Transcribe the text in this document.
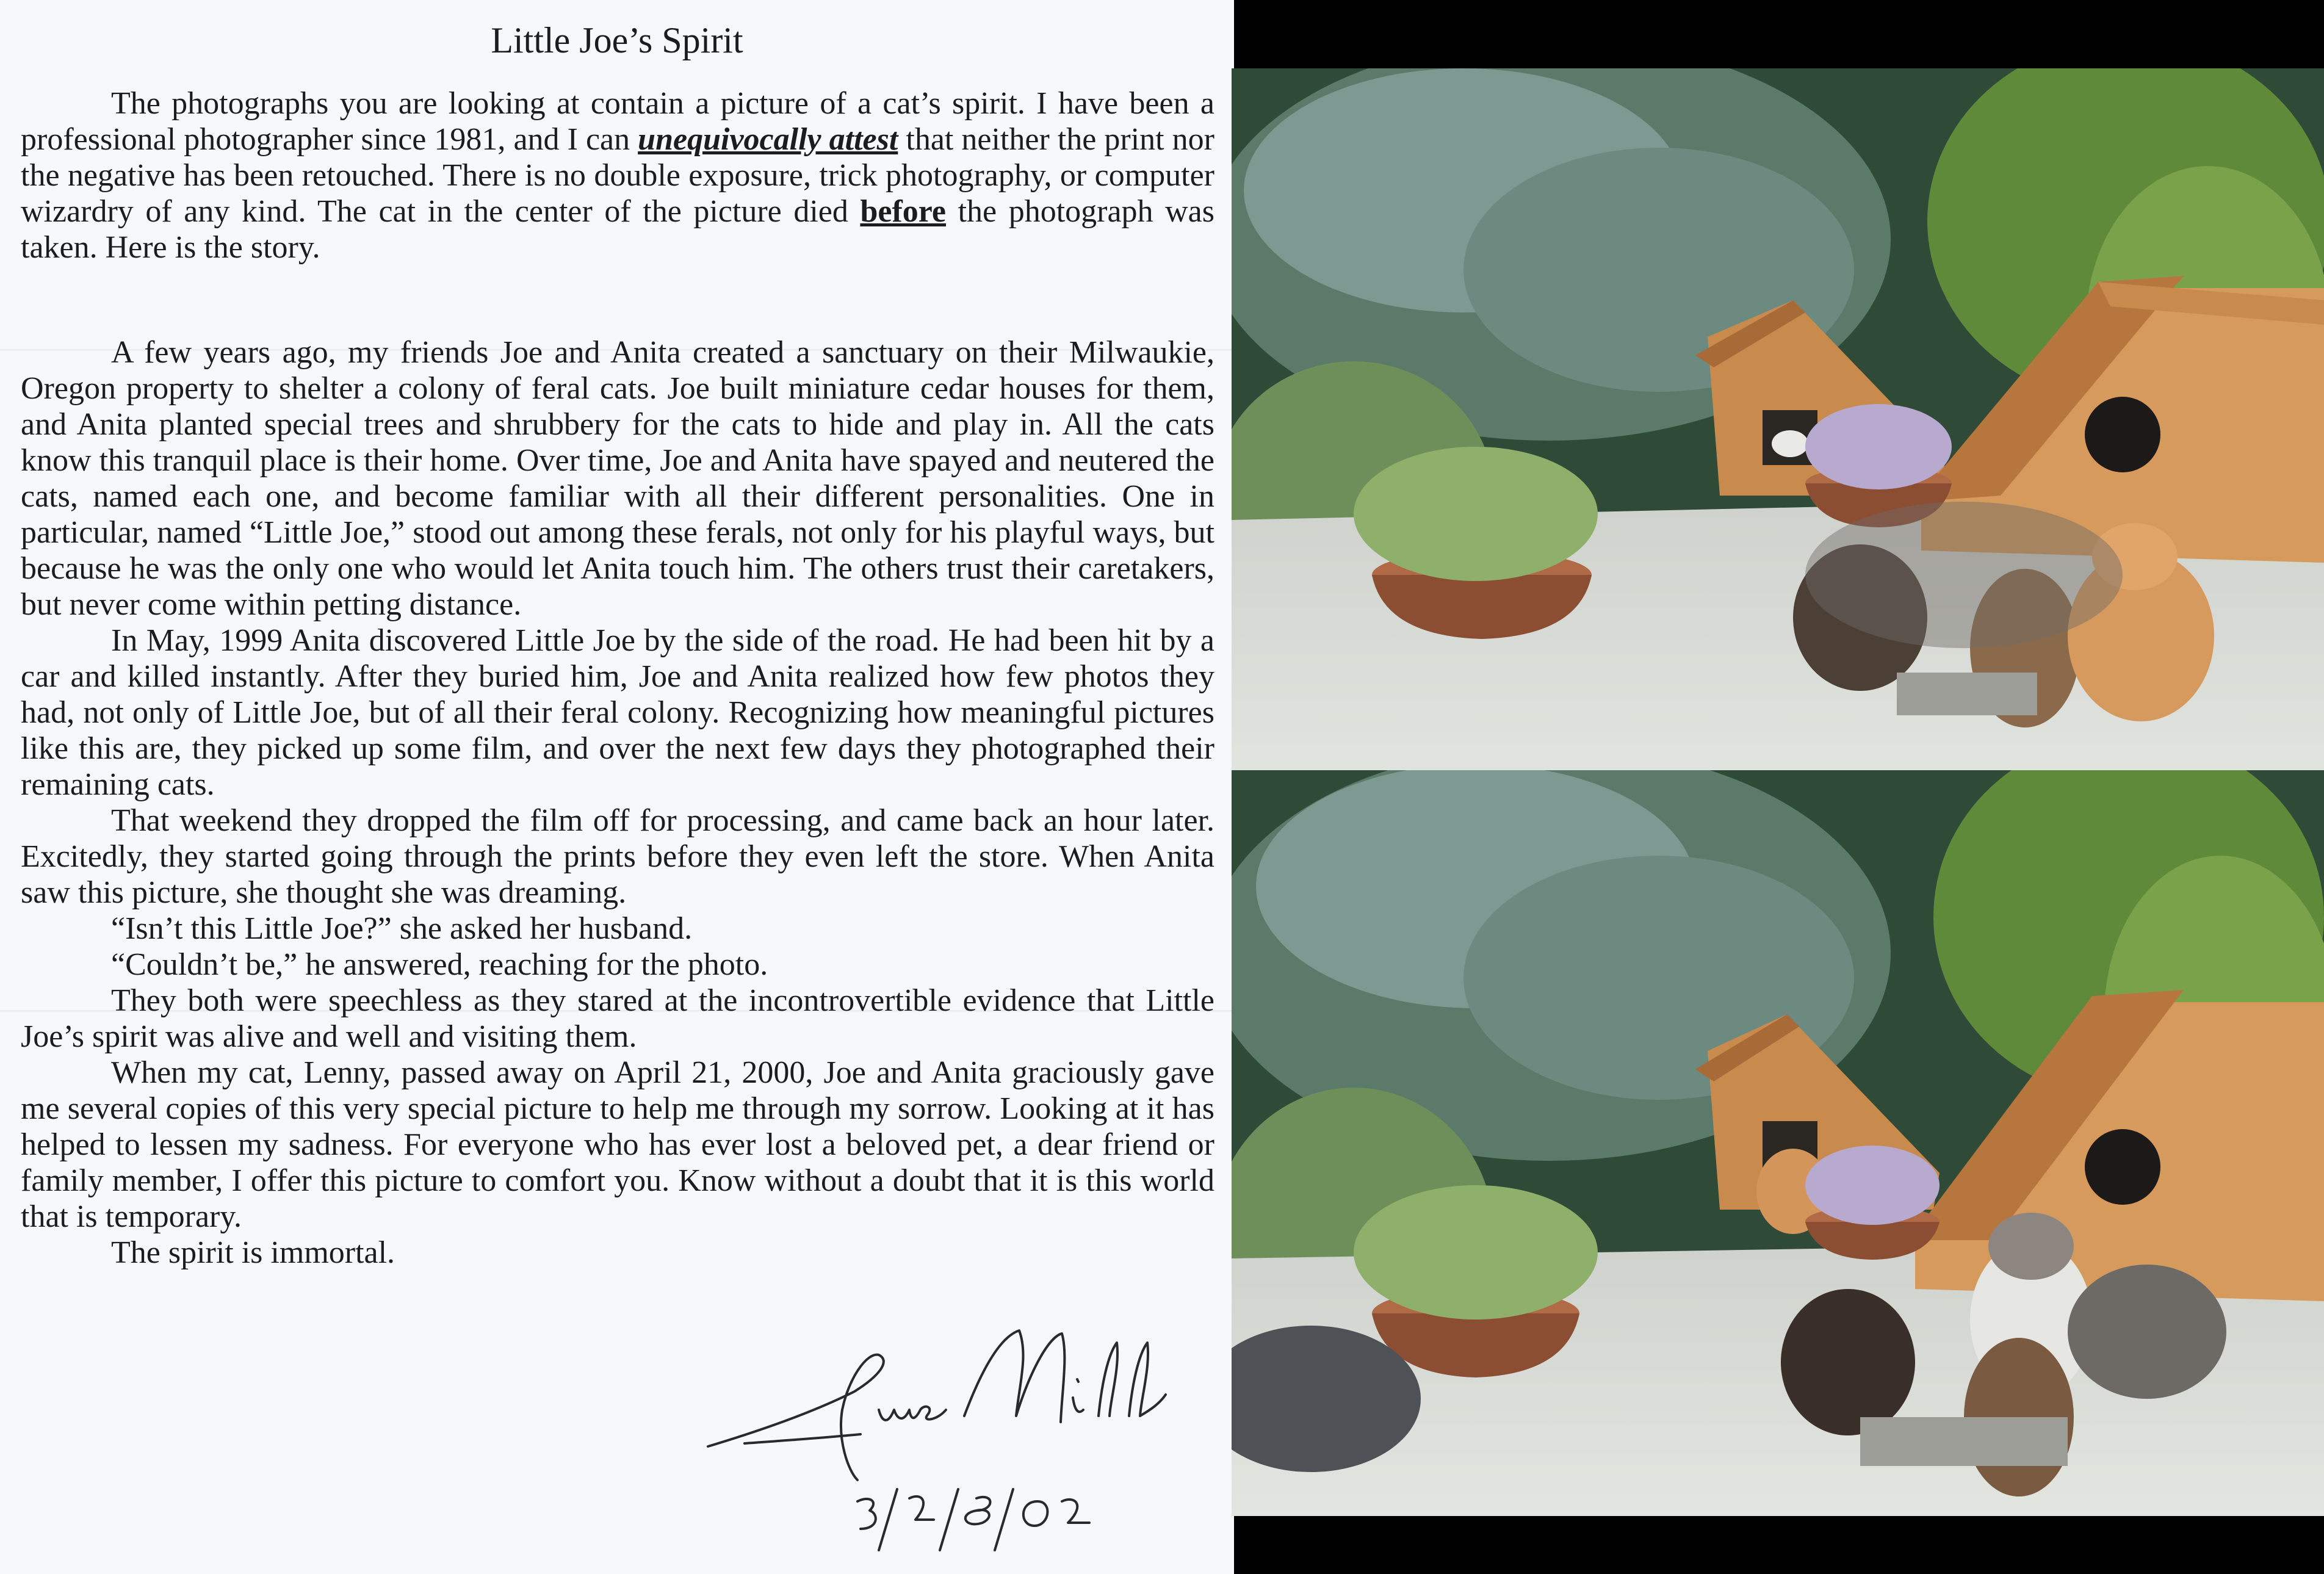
Little Joe’s Spirit

The photographs you are looking at contain a picture of a cat’s spirit. I have been a professional photographer since 1981, and I can unequivocally attest that neither the print nor the negative has been retouched. There is no double exposure, trick photography, or computer wizardry of any kind. The cat in the center of the picture died before the photograph was taken. Here is the story.

A few years ago, my friends Joe and Anita created a sanctuary on their Milwaukie, Oregon property to shelter a colony of feral cats. Joe built miniature cedar houses for them, and Anita planted special trees and shrubbery for the cats to hide and play in. All the cats know this tranquil place is their home. Over time, Joe and Anita have spayed and neutered the cats, named each one, and become familiar with all their different personalities. One in particular, named “Little Joe,” stood out among these ferals, not only for his playful ways, but because he was the only one who would let Anita touch him. The others trust their caretakers, but never come within petting distance.

In May, 1999 Anita discovered Little Joe by the side of the road. He had been hit by a car and killed instantly. After they buried him, Joe and Anita realized how few photos they had, not only of Little Joe, but of all their feral colony. Recognizing how meaningful pictures like this are, they picked up some film, and over the next few days they photographed their remaining cats.

That weekend they dropped the film off for processing, and came back an hour later. Excitedly, they started going through the prints before they even left the store. When Anita saw this picture, she thought she was dreaming.

“Isn’t this Little Joe?” she asked her husband.

“Couldn’t be,” he answered, reaching for the photo.

They both were speechless as they stared at the incontrovertible evidence that Little Joe’s spirit was alive and well and visiting them.

When my cat, Lenny, passed away on April 21, 2000, Joe and Anita graciously gave me several copies of this very special picture to help me through my sorrow. Looking at it has helped to lessen my sadness. For everyone who has ever lost a beloved pet, a dear friend or family member, I offer this picture to comfort you. Know without a doubt that it is this world that is temporary.

The spirit is immortal.
